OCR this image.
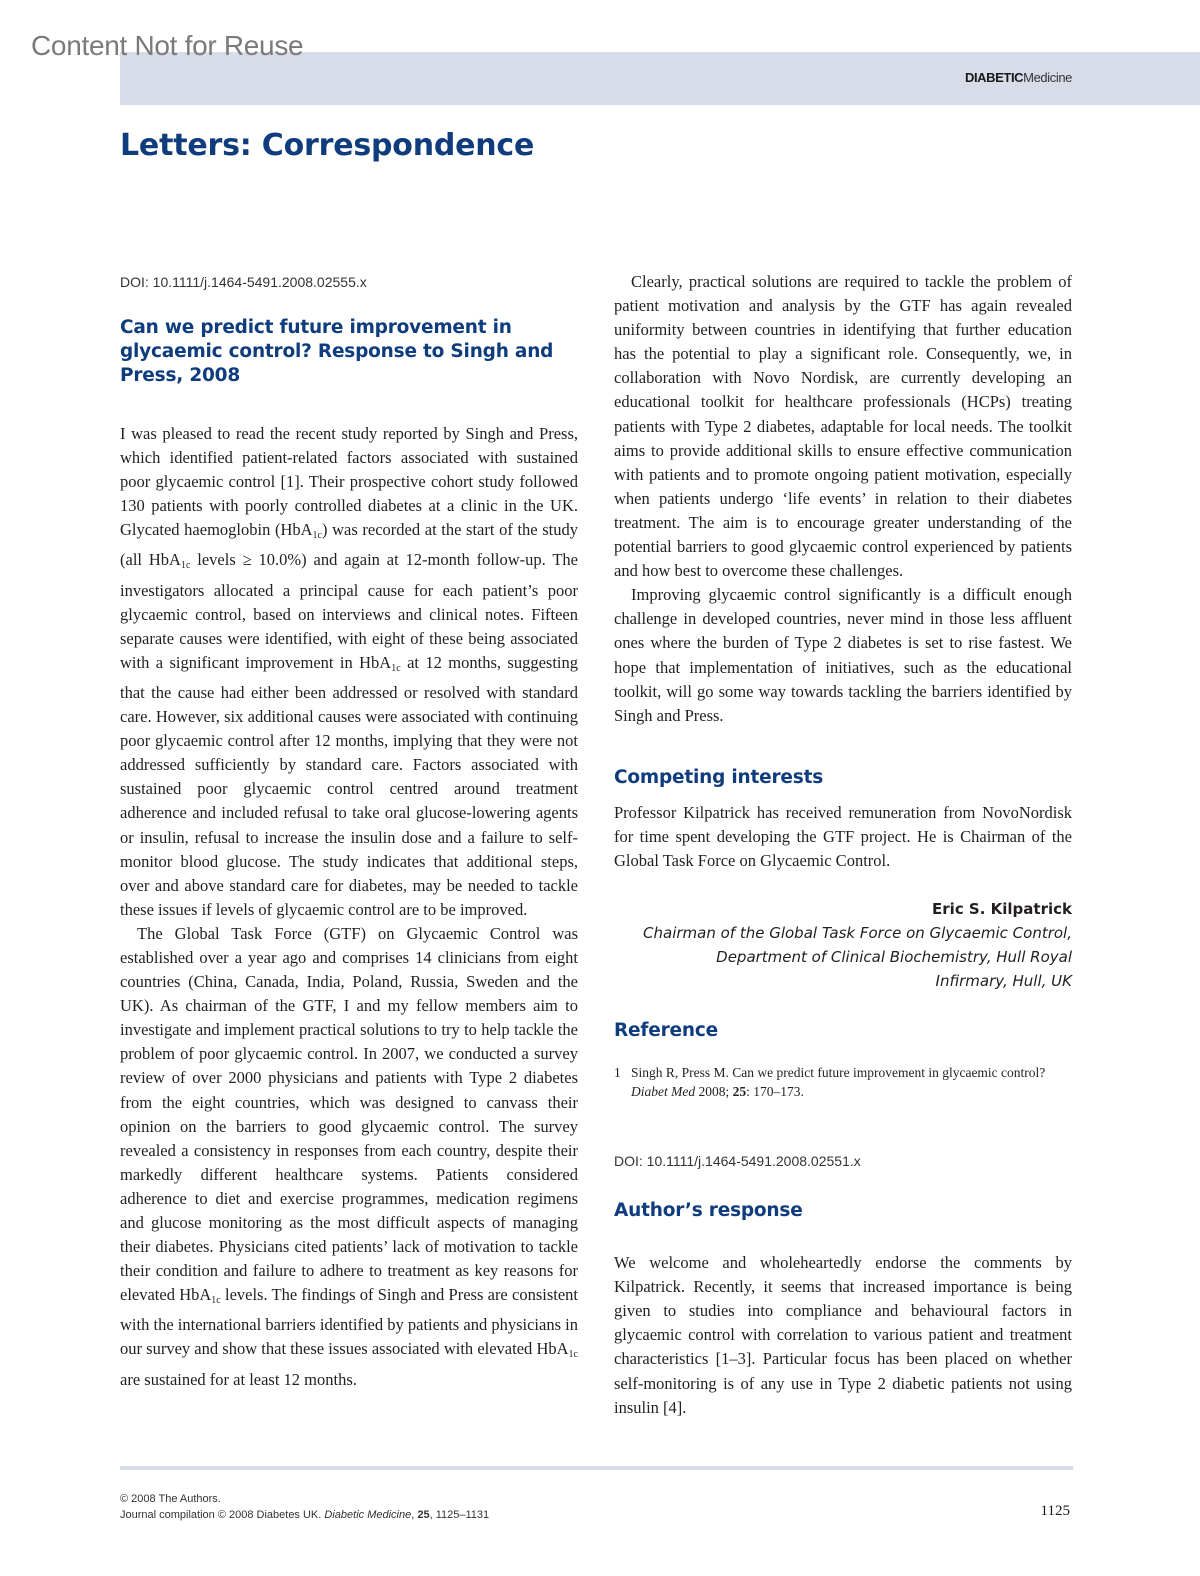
Content Not for Reuse
DIABETICMedicine
Letters: Correspondence

DOI: 10.1111/j.1464-5491.2008.02555.x

Can we predict future improvement in glycaemic control? Response to Singh and Press, 2008

I was pleased to read the recent study reported by Singh and Press, which identified patient-related factors associated with sustained poor glycaemic control [1]. Their prospective cohort study followed 130 patients with poorly controlled diabetes at a clinic in the UK. Glycated haemoglobin (HbA$_{1c}$) was recorded at the start of the study (all HbA$_{1c}$ levels ≥ 10.0%) and again at 12-month follow-up. The investigators allocated a principal cause for each patient’s poor glycaemic control, based on interviews and clinical notes. Fifteen separate causes were identified, with eight of these being associated with a significant improvement in HbA$_{1c}$ at 12 months, suggesting that the cause had either been addressed or resolved with standard care. However, six additional causes were associated with continuing poor glycaemic control after 12 months, implying that they were not addressed sufficiently by standard care. Factors associated with sustained poor glycaemic control centred around treatment adherence and included refusal to take oral glucose-lowering agents or insulin, refusal to increase the insulin dose and a failure to self-monitor blood glucose. The study indicates that additional steps, over and above standard care for diabetes, may be needed to tackle these issues if levels of glycaemic control are to be improved.

The Global Task Force (GTF) on Glycaemic Control was established over a year ago and comprises 14 clinicians from eight countries (China, Canada, India, Poland, Russia, Sweden and the UK). As chairman of the GTF, I and my fellow members aim to investigate and implement practical solutions to try to help tackle the problem of poor glycaemic control. In 2007, we conducted a survey review of over 2000 physicians and patients with Type 2 diabetes from the eight countries, which was designed to canvass their opinion on the barriers to good glycaemic control. The survey revealed a consistency in responses from each country, despite their markedly different healthcare systems. Patients considered adherence to diet and exercise programmes, medication regimens and glucose monitoring as the most difficult aspects of managing their diabetes. Physicians cited patients’ lack of motivation to tackle their condition and failure to adhere to treatment as key reasons for elevated HbA$_{1c}$ levels. The findings of Singh and Press are consistent with the international barriers identified by patients and physicians in our survey and show that these issues associated with elevated HbA$_{1c}$ are sustained for at least 12 months.

Clearly, practical solutions are required to tackle the problem of patient motivation and analysis by the GTF has again revealed uniformity between countries in identifying that further education has the potential to play a significant role. Consequently, we, in collaboration with Novo Nordisk, are currently developing an educational toolkit for healthcare professionals (HCPs) treating patients with Type 2 diabetes, adaptable for local needs. The toolkit aims to provide additional skills to ensure effective communication with patients and to promote ongoing patient motivation, especially when patients undergo ‘life events’ in relation to their diabetes treatment. The aim is to encourage greater understanding of the potential barriers to good glycaemic control experienced by patients and how best to overcome these challenges.

Improving glycaemic control significantly is a difficult enough challenge in developed countries, never mind in those less affluent ones where the burden of Type 2 diabetes is set to rise fastest. We hope that implementation of initiatives, such as the educational toolkit, will go some way towards tackling the barriers identified by Singh and Press.

Competing interests

Professor Kilpatrick has received remuneration from NovoNordisk for time spent developing the GTF project. He is Chairman of the Global Task Force on Glycaemic Control.

Eric S. Kilpatrick

Chairman of the Global Task Force on Glycaemic Control,

Department of Clinical Biochemistry, Hull Royal

Infirmary, Hull, UK

Reference
1 Singh R, Press M. Can we predict future improvement in glycaemic control? Diabet Med 2008; 25: 170–173.

DOI: 10.1111/j.1464-5491.2008.02551.x

Author’s response

We welcome and wholeheartedly endorse the comments by Kilpatrick. Recently, it seems that increased importance is being given to studies into compliance and behavioural factors in glycaemic control with correlation to various patient and treatment characteristics [1–3]. Particular focus has been placed on whether self-monitoring is of any use in Type 2 diabetic patients not using insulin [4].

© 2008 The Authors.
Journal compilation © 2008 Diabetes UK. Diabetic Medicine, 25, 1125–1131	1125
